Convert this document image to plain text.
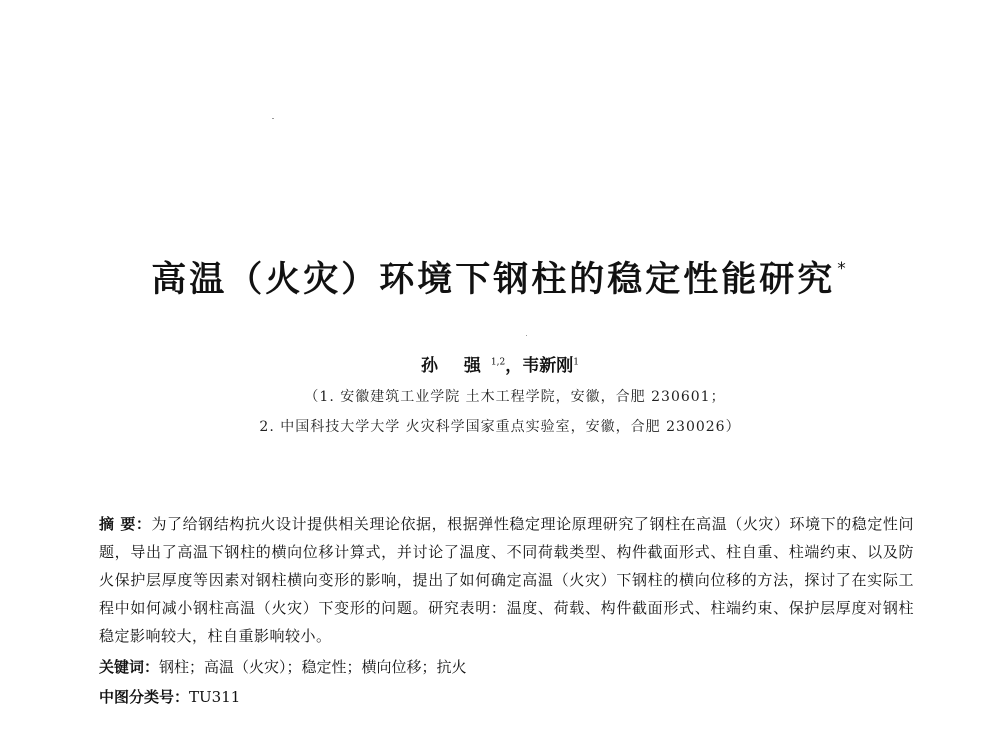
高温（火灾）环境下钢柱的稳定性能研究 *
孙 强$^{1,2}$，韦新刚$^1$
（1. 安徽建筑工业学院 土木工程学院，安徽，合肥 230601；
2. 中国科技大学大学 火灾科学国家重点实验室，安徽，合肥 230026）
摘 要：为了给钢结构抗火设计提供相关理论依据，根据弹性稳定理论原理研究了钢柱在高温（火灾）环境下的稳定性问题，导出了高温下钢柱的横向位移计算式，并讨论了温度、不同荷载类型、构件截面形式、柱自重、柱端约束、以及防火保护层厚度等因素对钢柱横向变形的影响，提出了如何确定高温（火灾）下钢柱的横向位移的方法，探讨了在实际工程中如何减小钢柱高温（火灾）下变形的问题。研究表明：温度、荷载、构件截面形式、柱端约束、保护层厚度对钢柱稳定影响较大，柱自重影响较小。
关键词：钢柱；高温（火灾）；稳定性；横向位移；抗火
中图分类号：TU311
